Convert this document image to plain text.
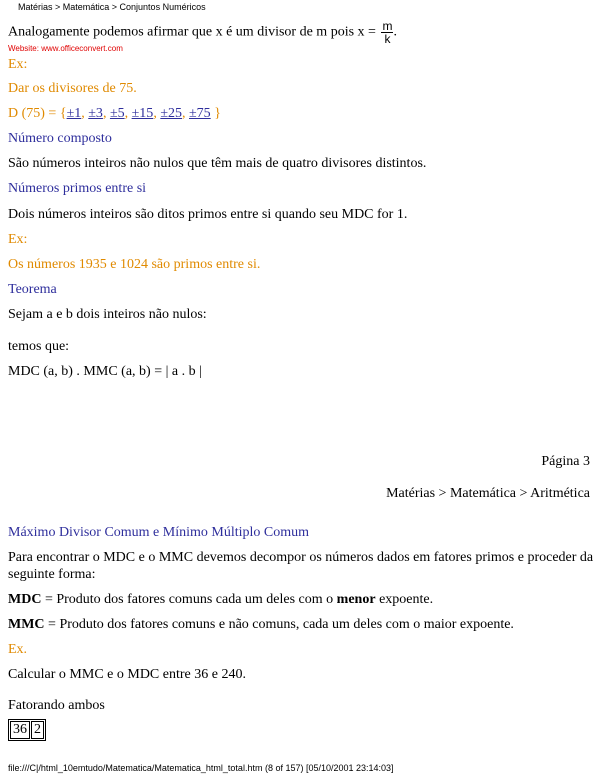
Matérias > Matemática > Conjuntos Numéricos
Analogamente podemos afirmar que x é um divisor de m pois $x = \frac{m}{k}$ .
Website: www.officeconvert.com
Ex:
Dar os divisores de 75.
D (75) = {±1, ±3, ±5, ±15, ±25, ±75 }
Número composto
São números inteiros não nulos que têm mais de quatro divisores distintos.
Números primos entre si
Dois números inteiros são ditos primos entre si quando seu MDC for 1.
Ex:
Os números 1935 e 1024 são primos entre si.
Teorema
Sejam a e b dois inteiros não nulos:
temos que:
MDC (a, b) . MMC (a, b) = | a . b |
Página 3
Matérias > Matemática > Aritmética
Máximo Divisor Comum e Mínimo Múltiplo Comum
Para encontrar o MDC e o MMC devemos decompor os números dados em fatores primos e proceder da
seguinte forma:
MDC = Produto dos fatores comuns cada um deles com o menor expoente.
MMC = Produto dos fatores comuns e não comuns, cada um deles com o maior expoente.
Ex.
Calcular o MMC e o MDC entre 36 e 240.
Fatorando ambos
36	2
file:///C|/html_10emtudo/Matematica/Matematica_html_total.htm (8 of 157) [05/10/2001 23:14:03]
